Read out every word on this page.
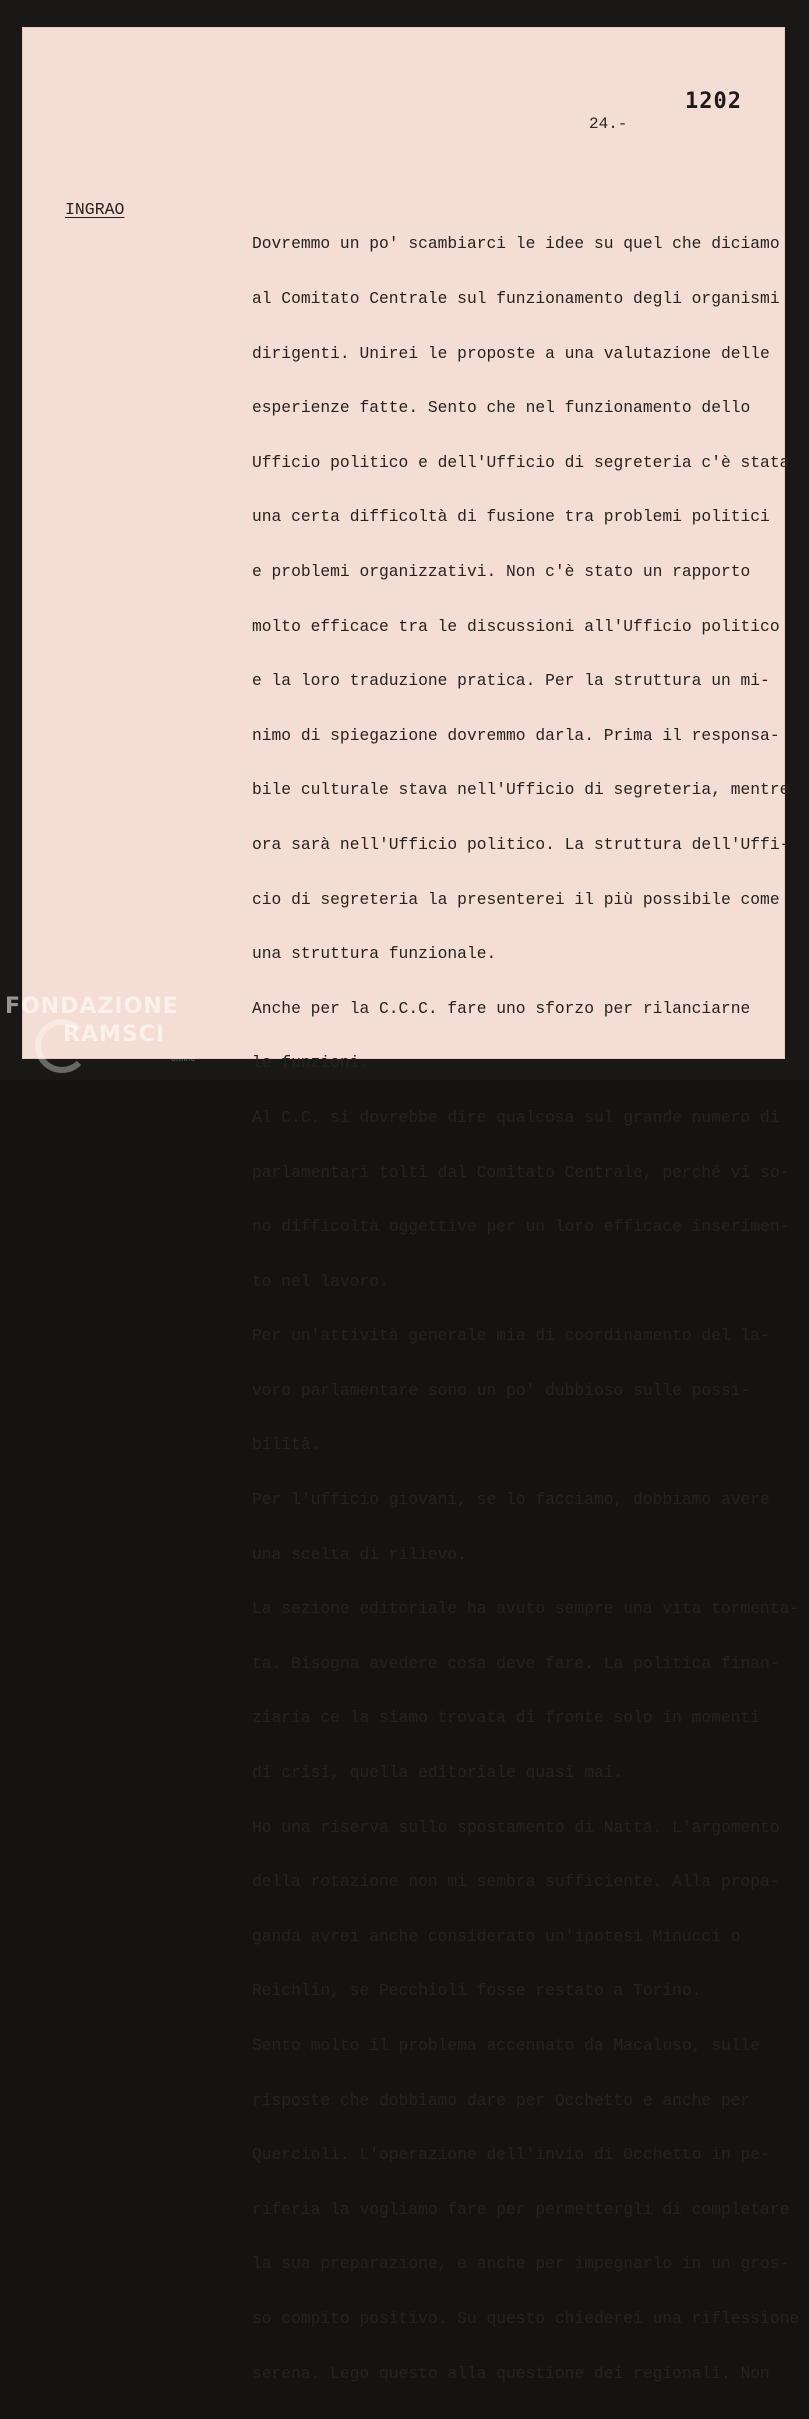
1202
24.-
INGRAO

Dovremmo un po' scambiarci le idee su quel che diciamo

al Comitato Centrale sul funzionamento degli organismi

dirigenti. Unirei le proposte a una valutazione delle

esperienze fatte. Sento che nel funzionamento dello

Ufficio politico e dell'Ufficio di segreteria c'è stata

una certa difficoltà di fusione tra problemi politici

e problemi organizzativi. Non c'è stato un rapporto

molto efficace tra le discussioni all'Ufficio politico

e la loro traduzione pratica. Per la struttura un mi-

nimo di spiegazione dovremmo darla. Prima il responsa-

bile culturale stava nell'Ufficio di segreteria, mentre

ora sarà nell'Ufficio politico. La struttura dell'Uffi-

cio di segreteria la presenterei il più possibile come

una struttura funzionale.

Anche per la C.C.C. fare uno sforzo per rilanciarne

le funzioni.

Al C.C. si dovrebbe dire qualcosa sul grande numero di

parlamentari tolti dal Comitato Centrale, perché vi so-

no difficoltà oggettive per un loro efficace inserimen-

to nel lavoro.

Per un'attività generale mia di coordinamento del la-

voro parlamentare sono un po' dubbioso sulle possi-

bilità.

Per l'ufficio giovani, se lo facciamo, dobbiamo avere

una scelta di rilievo.

La sezione editoriale ha avuto sempre una vita tormenta-

ta. Bisogna avedere cosa deve fare. La politica finan-

ziaria ce la siamo trovata di fronte solo in momenti

di crisi, quella editoriale quasi mai.

Ho una riserva sullo spostamento di Natta. L'argomento

della rotazione non mi sembra sufficiente. Alla propa-

ganda avrei anche considerato un'ipotesi Minucci o

Reichlin, se Pecchioli fosse restato a Torino.

Sento molto il problema accennato da Macaluso, sulle

risposte che dobbiamo dare per Occhetto e anche per

Quercioli. L'operazione dell'invio di Occhetto in pe-

riferia la vogliamo fare per permettergli di completare

la sua preparazione, e anche per impegnarlo in un gros-

so compito positivo. Su questo chiederei una riflessione

serena. Lego questo alla questione dei regionali. Non

FONDAZIONE
RAMSCI
online
